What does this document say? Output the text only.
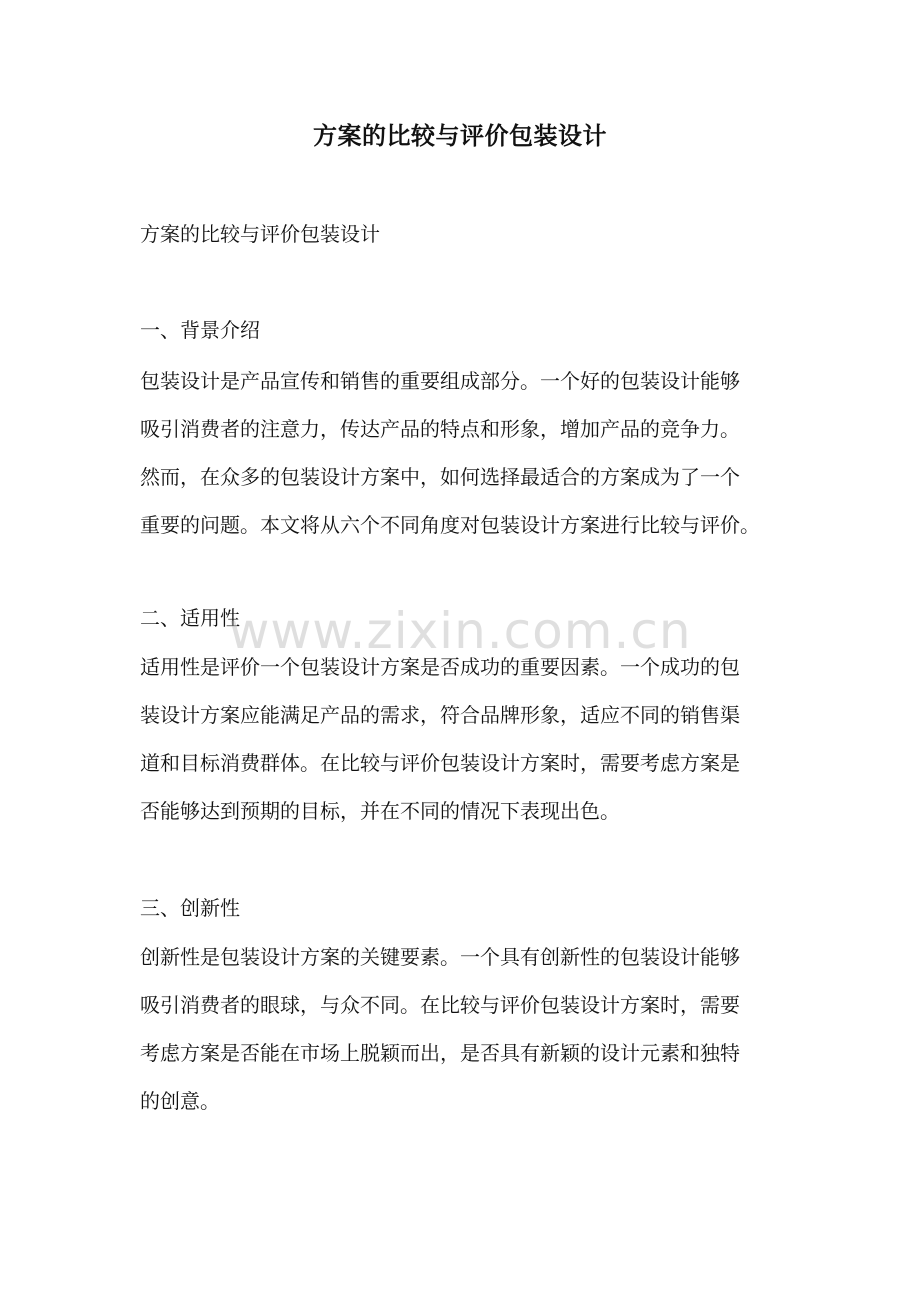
方案的比较与评价包装设计
方案的比较与评价包装设计
一、背景介绍
包装设计是产品宣传和销售的重要组成部分。一个好的包装设计能够
吸引消费者的注意力，传达产品的特点和形象，增加产品的竞争力。
然而，在众多的包装设计方案中，如何选择最适合的方案成为了一个
重要的问题。本文将从六个不同角度对包装设计方案进行比较与评价。
二、适用性
适用性是评价一个包装设计方案是否成功的重要因素。一个成功的包
装设计方案应能满足产品的需求，符合品牌形象，适应不同的销售渠
道和目标消费群体。在比较与评价包装设计方案时，需要考虑方案是
否能够达到预期的目标，并在不同的情况下表现出色。
三、创新性
创新性是包装设计方案的关键要素。一个具有创新性的包装设计能够
吸引消费者的眼球，与众不同。在比较与评价包装设计方案时，需要
考虑方案是否能在市场上脱颖而出，是否具有新颖的设计元素和独特
的创意。
www.zixin.com.cn
